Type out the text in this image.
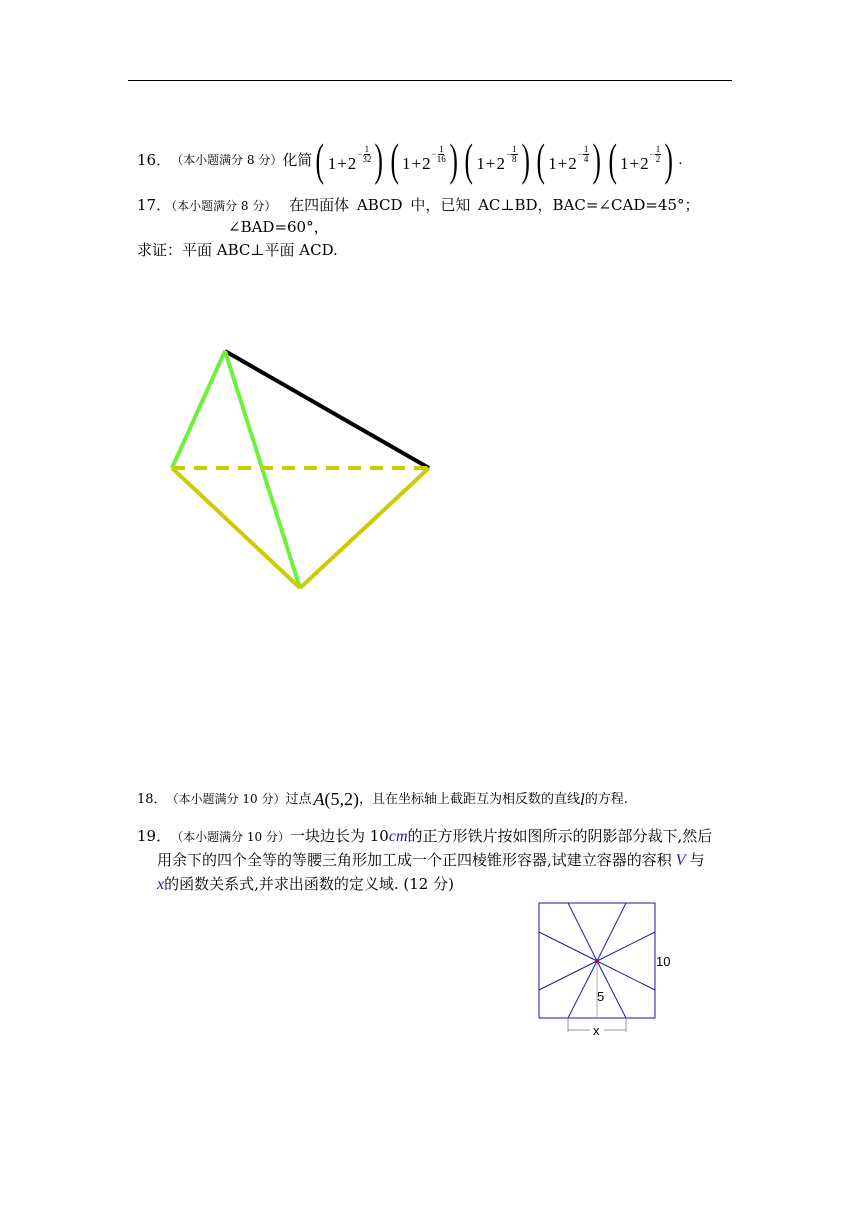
16． （本小题满分 8 分） 化简 ( $1 + 2 - \frac{1}{32}$ ) ( $1 + 2 - \frac{1}{16}$ ) ( $1 + 2 - \frac{1}{8}$ ) ( $1 + 2 - \frac{1}{4}$ ) ( $1 + 2 - \frac{1}{2}$ ) .
17．（本小题满分 8 分） 在四面体 ABCD 中，已知 AC⊥BD，BAC=∠CAD=45°；
∠BAD=60°，
求证：平面 ABC⊥平面 ACD.
18． （本小题满分 10 分） 过点 A (5,2) ，且在坐标轴上截距互为相反数的直线 l 的方程.
19． （本小题满分 10 分） 一块边长为 10 cm 的正方形铁片按如图所示的阴影部分裁下,然后
用余下的四个全等的等腰三角形加工成一个正四棱锥形容器,试建立容器的容积 V 与
x 的函数关系式,并求出函数的定义域. (12 分)
10
5
x
